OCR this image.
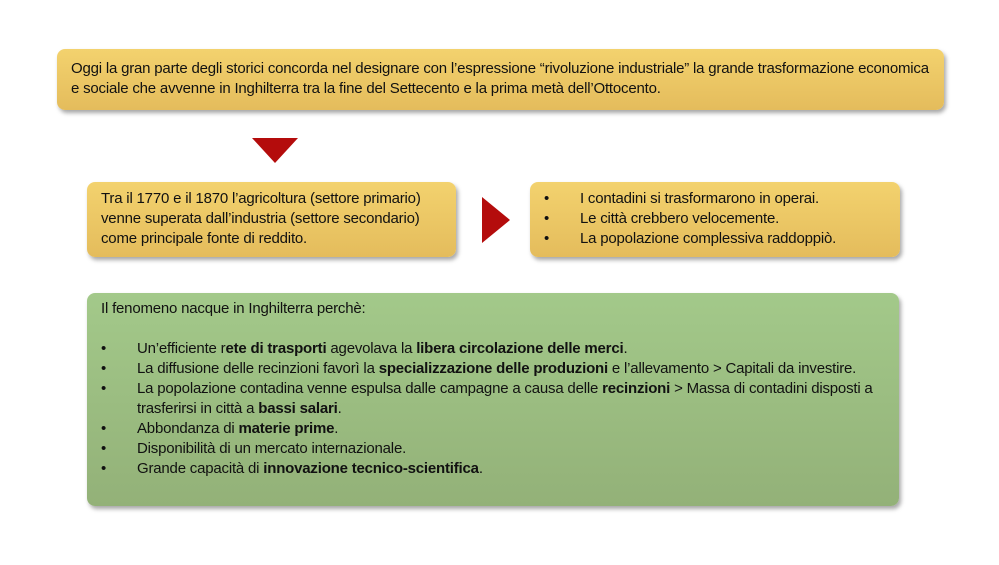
Oggi la gran parte degli storici concorda nel designare con l’espressione “rivoluzione industriale” la grande trasformazione economica e sociale che avvenne in Inghilterra tra la fine del Settecento e la prima metà dell’Ottocento.
Tra il 1770 e il 1870 l’agricoltura (settore primario) venne superata dall’industria (settore secondario) come principale fonte di reddito.
• I contadini si trasformarono in operai.
• Le città crebbero velocemente.
• La popolazione complessiva raddoppiò.
Il fenomeno nacque in Inghilterra perchè:
• Un’efficiente rete di trasporti agevolava la libera circolazione delle merci.
• La diffusione delle recinzioni favorì la specializzazione delle produzioni e l’allevamento > Capitali da investire.
• La popolazione contadina venne espulsa dalle campagne a causa delle recinzioni > Massa di contadini disposti a trasferirsi in città a bassi salari.
• Abbondanza di materie prime.
• Disponibilità di un mercato internazionale.
• Grande capacità di innovazione tecnico-scientifica.
